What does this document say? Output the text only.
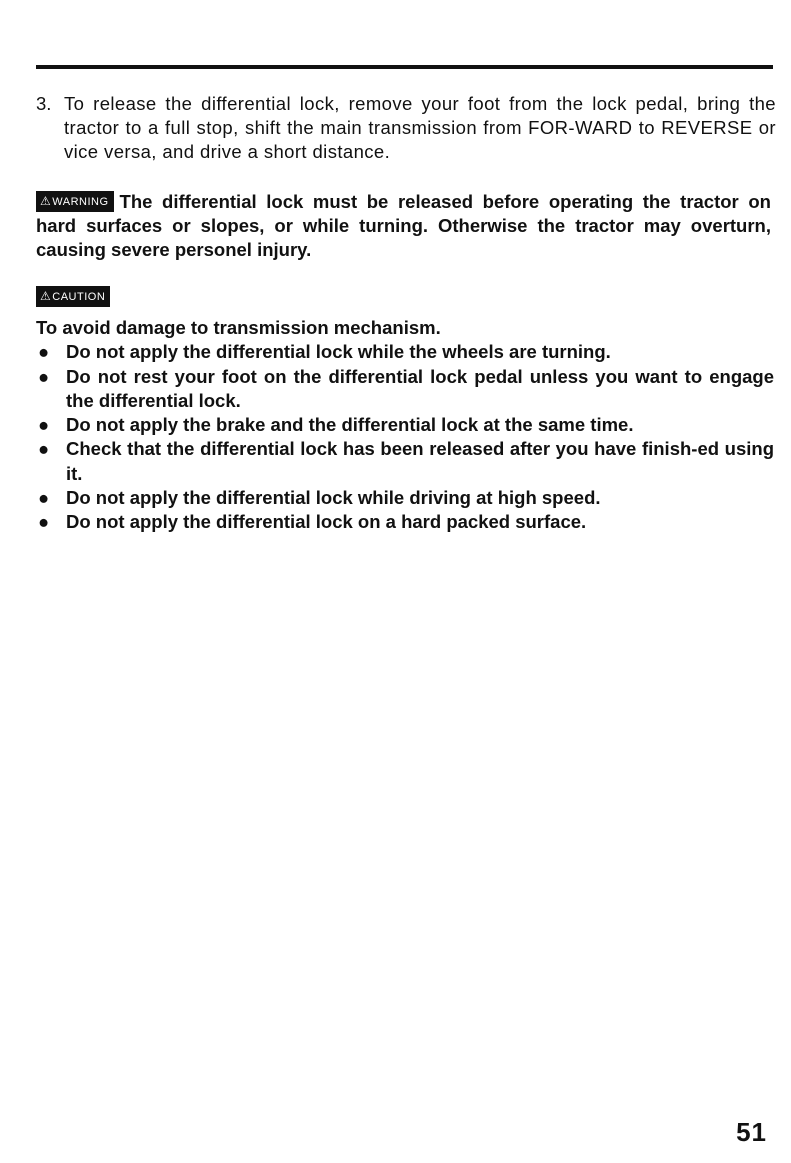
3. To release the differential lock, remove your foot from the lock pedal, bring the tractor to a full stop, shift the main transmission from FOR-WARD to REVERSE or vice versa, and drive a short distance.
⚠WARNING The differential lock must be released before operating the tractor on hard surfaces or slopes, or while turning. Otherwise the tractor may overturn, causing severe personel injury.
⚠CAUTION

To avoid damage to transmission mechanism.

● Do not apply the differential lock while the wheels are turning.
● Do not rest your foot on the differential lock pedal unless you want to engage the differential lock.
● Do not apply the brake and the differential lock at the same time.
● Check that the differential lock has been released after you have finish-ed using it.
● Do not apply the differential lock while driving at high speed.
● Do not apply the differential lock on a hard packed surface.
51
